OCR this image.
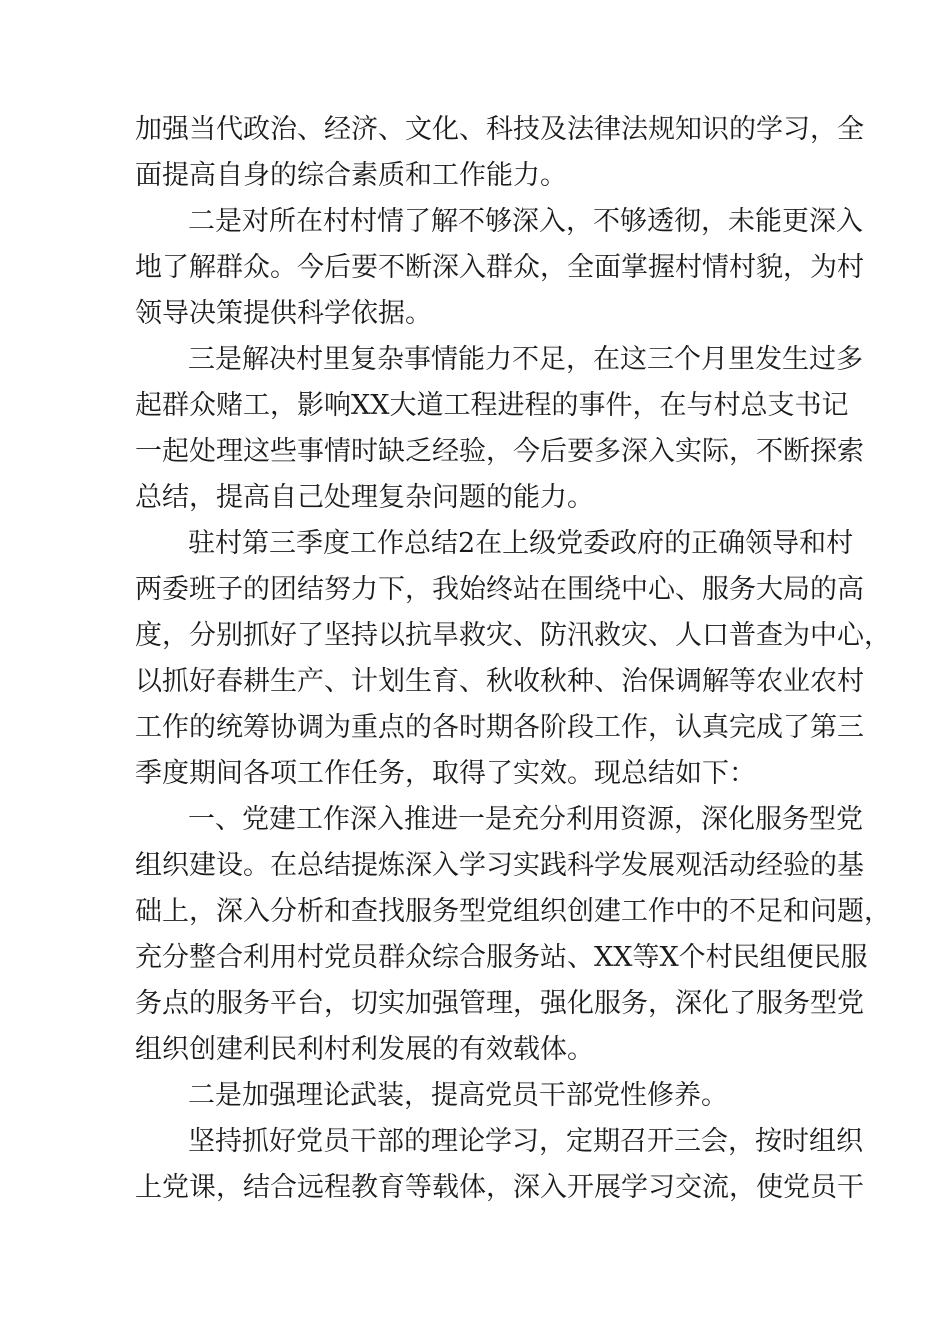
加强当代政治、经济、文化、科技及法律法规知识的学习，全
面提高自身的综合素质和工作能力。
二是对所在村村情了解不够深入，不够透彻，未能更深入
地了解群众。今后要不断深入群众，全面掌握村情村貌，为村
领导决策提供科学依据。
三是解决村里复杂事情能力不足，在这三个月里发生过多
起群众赌工，影响XX大道工程进程的事件，在与村总支书记
一起处理这些事情时缺乏经验，今后要多深入实际，不断探索
总结，提高自己处理复杂问题的能力。
驻村第三季度工作总结2在上级党委政府的正确领导和村
两委班子的团结努力下，我始终站在围绕中心、服务大局的高
度，分别抓好了坚持以抗旱救灾、防汛救灾、人口普查为中心，
以抓好春耕生产、计划生育、秋收秋种、治保调解等农业农村
工作的统筹协调为重点的各时期各阶段工作，认真完成了第三
季度期间各项工作任务，取得了实效。现总结如下：
一、党建工作深入推进一是充分利用资源，深化服务型党
组织建设。在总结提炼深入学习实践科学发展观活动经验的基
础上，深入分析和查找服务型党组织创建工作中的不足和问题，
充分整合利用村党员群众综合服务站、XX等X个村民组便民服
务点的服务平台，切实加强管理，强化服务，深化了服务型党
组织创建利民利村利发展的有效载体。
二是加强理论武装，提高党员干部党性修养。
坚持抓好党员干部的理论学习，定期召开三会，按时组织
上党课，结合远程教育等载体，深入开展学习交流，使党员干
